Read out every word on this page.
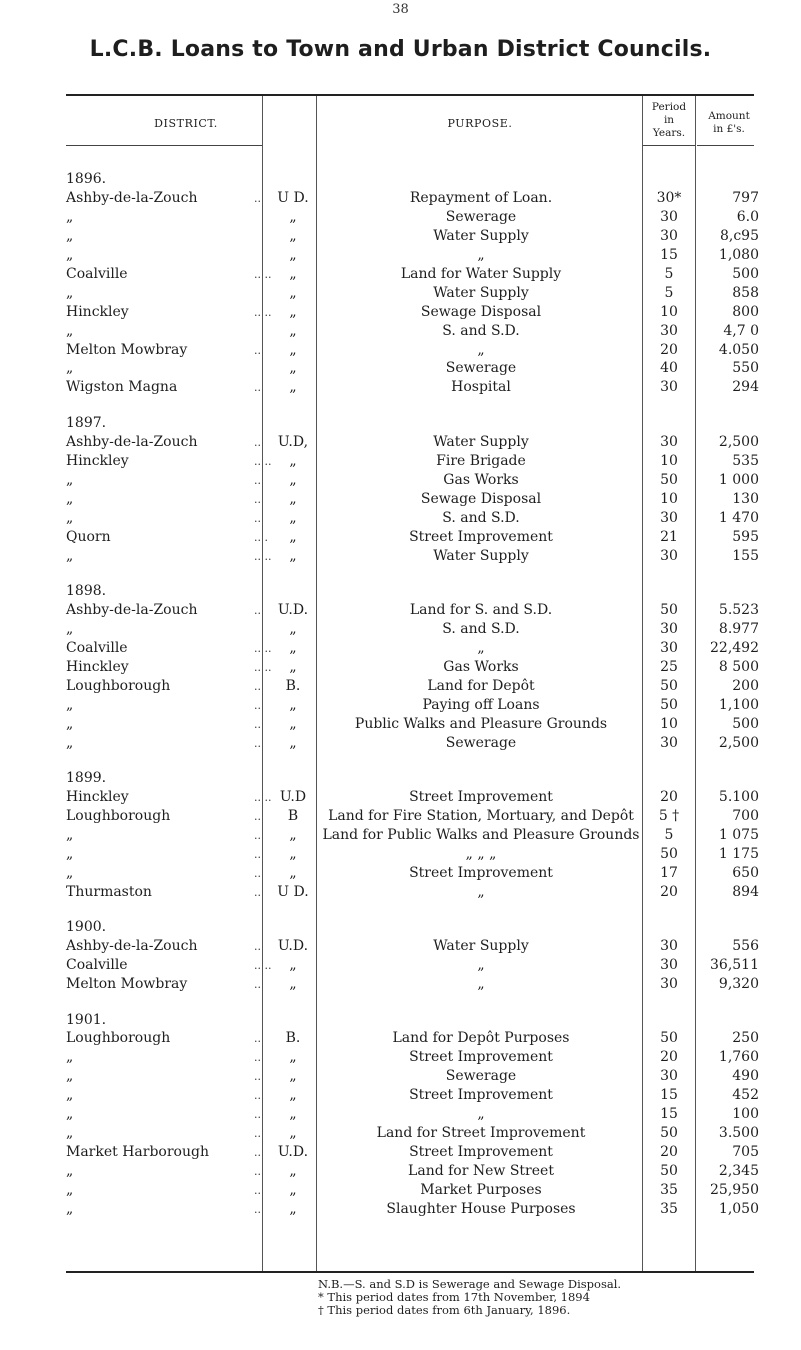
38
L.C.B. Loans to Town and Urban District Councils.
DISTRICT.	PURPOSE.
Period
in
Years.
Amount
in £'s.
1896.
Ashby-de-la-Zouch	..	U D.	Repayment of Loan.	30*	797
„	„	Sewerage	30	6.0
„	„	Water Supply	30	8,c95
„	„	„	15	1,080
Coalville	.. ..	„	Land for Water Supply	5	500
„	„	Water Supply	5	858
Hinckley	.. ..	„	Sewage Disposal	10	800
„	„	S. and S.D.	30	4,7 0
Melton Mowbray	..	„	„	20	4.050
„	„	Sewerage	40	550
Wigston Magna	..	„	Hospital	30	294
1897.
Ashby-de-la-Zouch	..	U.D,	Water Supply	30	2,500
Hinckley	.. ..	„	Fire Brigade	10	535
„	..	„	Gas Works	50	1 000
„	..	„	Sewage Disposal	10	130
„	..	„	S. and S.D.	30	1 470
Quorn	.. .	„	Street Improvement	21	595
„	.. ..	„	Water Supply	30	155
1898.
Ashby-de-la-Zouch	..	U.D.	Land for S. and S.D.	50	5.523
„	„	S. and S.D.	30	8.977
Coalville	.. ..	„	„	30	22,492
Hinckley	.. ..	„	Gas Works	25	8 500
Loughborough	..	B.	Land for Depôt	50	200
„	..	„	Paying off Loans	50	1,100
„	..	„	Public Walks and Pleasure Grounds	10	500
„	..	„	Sewerage	30	2,500
1899.
Hinckley	.. .. U.D	Street Improvement	20	5.100
Loughborough	..	B	Land for Fire Station, Mortuary, and Depôt	5 †	700
„	..	„	Land for Public Walks and Pleasure Grounds	5	1 075
„	..	„	„ „ „	50	1 175
„	..	„	Street Improvement	17	650
Thurmaston	..	U D.	„	20	894
1900.
Ashby-de-la-Zouch	..	U.D.	Water Supply	30	556
Coalville	.. ..	„	„	30	36,511
Melton Mowbray	..	„	„	30	9,320
1901.
Loughborough	..	B.	Land for Depôt Purposes	50	250
„	..	„	Street Improvement	20	1,760
„	..	„	Sewerage	30	490
„	..	„	Street Improvement	15	452
„	..	„	„	15	100
„	..	„	Land for Street Improvement	50	3.500
Market Harborough	..	U.D.	Street Improvement	20	705
„	..	„	Land for New Street	50	2,345
„	..	„	Market Purposes	35	25,950
„	..	„	Slaughter House Purposes	35	1,050
N.B.—S. and S.D is Sewerage and Sewage Disposal.
* This period dates from 17th November, 1894
† This period dates from 6th January, 1896.
